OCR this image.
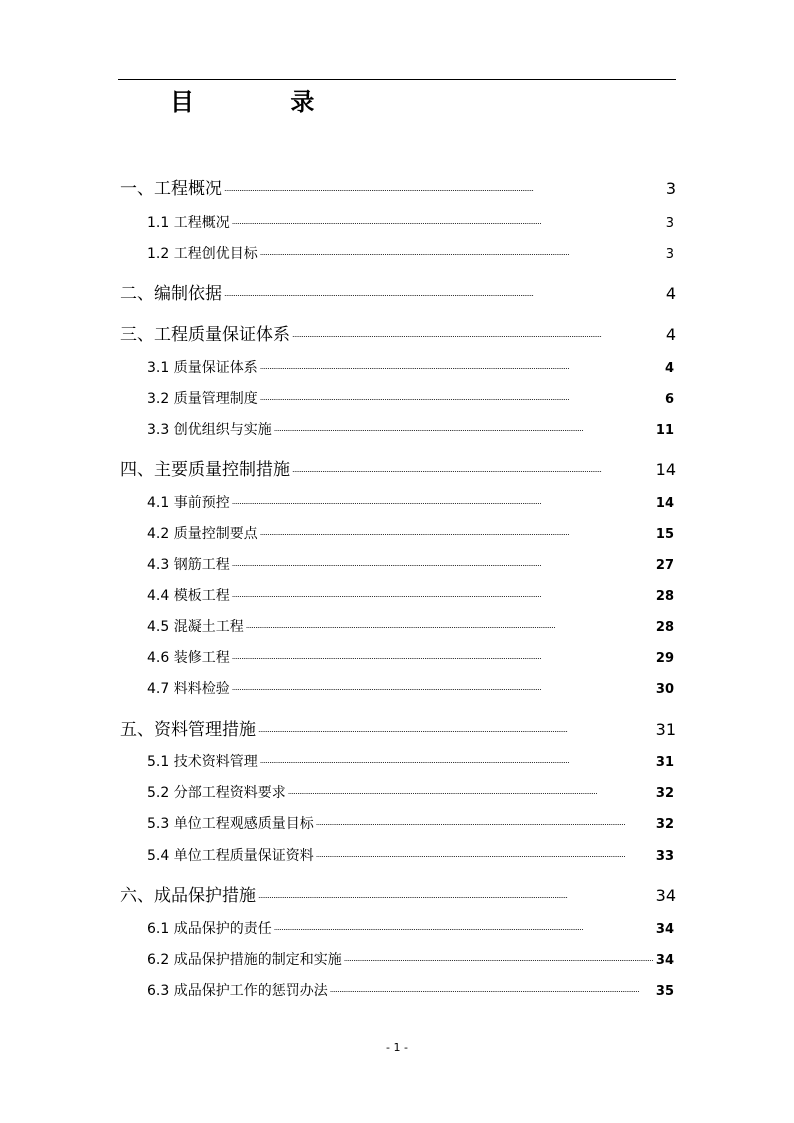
目 录
一、工程概况 . . .	3
1.1 工程概况 . . .	3
1.2 工程创优目标 . . .	3
二、编制依据 . . .	4
三、工程质量保证体系 . . .	4
3.1 质量保证体系 . . .	4
3.2 质量管理制度 . . .	6
3.3 创优组织与实施 . . .	11
四、主要质量控制措施 . . .	14
4.1 事前预控 . . .	14
4.2 质量控制要点 . . .	15
4.3 钢筋工程 . . .	27
4.4 模板工程 . . .	28
4.5 混凝土工程 . . .	28
4.6 装修工程 . . .	29
4.7 料料检验 . . .	30
五、资料管理措施 . . .	31
5.1 技术资料管理 . . .	31
5.2 分部工程资料要求 . . .	32
5.3 单位工程观感质量目标 . . .	32
5.4 单位工程质量保证资料 . . .	33
六、成品保护措施 . . .	34
6.1 成品保护的责任 . . .	34
6.2 成品保护措施的制定和实施 . . .	34
6.3 成品保护工作的惩罚办法 . . .	35
- 1 -
